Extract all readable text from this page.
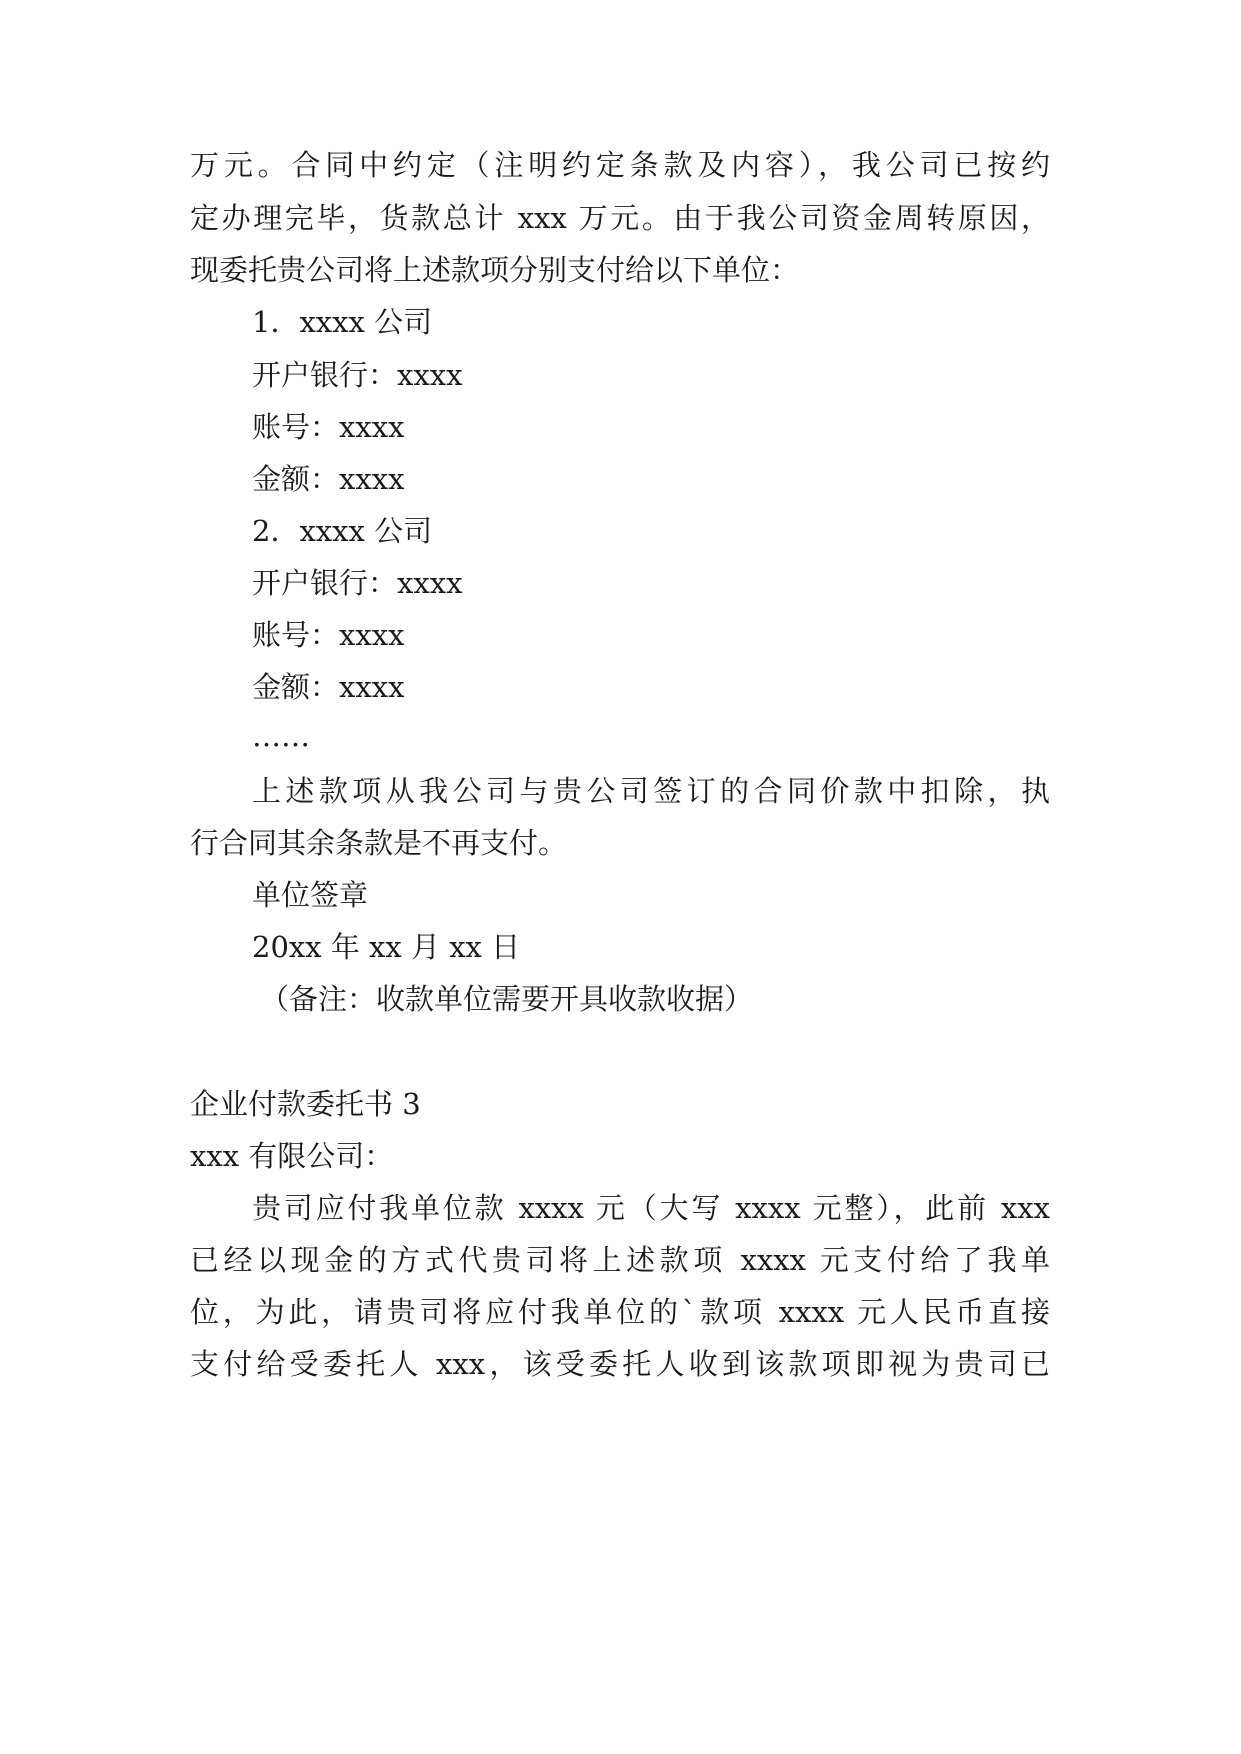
万元。合同中约定（注明约定条款及内容），我公司已按约
定办理完毕，货款总计 xxx 万元。由于我公司资金周转原因，
现委托贵公司将上述款项分别支付给以下单位：
1．xxxx 公司
开户银行：xxxx
账号：xxxx
金额：xxxx
2．xxxx 公司
开户银行：xxxx
账号：xxxx
金额：xxxx
……
上述款项从我公司与贵公司签订的合同价款中扣除，执
行合同其余条款是不再支付。
单位签章
20xx 年 xx 月 xx 日
（备注：收款单位需要开具收款收据）
企业付款委托书 3
xxx 有限公司：
贵司应付我单位款 xxxx 元（大写 xxxx 元整），此前 xxx
已经以现金的方式代贵司将上述款项 xxxx 元支付给了我单
位，为此，请贵司将应付我单位的`款项 xxxx 元人民币直接
支付给受委托人 xxx，该受委托人收到该款项即视为贵司已
